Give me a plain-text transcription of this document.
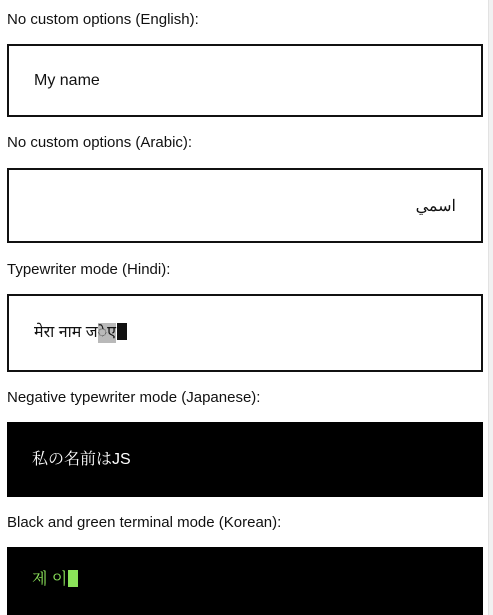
No custom options (English):
My name
No custom options (Arabic):
اسمي
Typewriter mode (Hindi):
मेरा नाम जेए
Negative typewriter mode (Japanese):
私の名前はJS
Black and green terminal mode (Korean):
제 이
